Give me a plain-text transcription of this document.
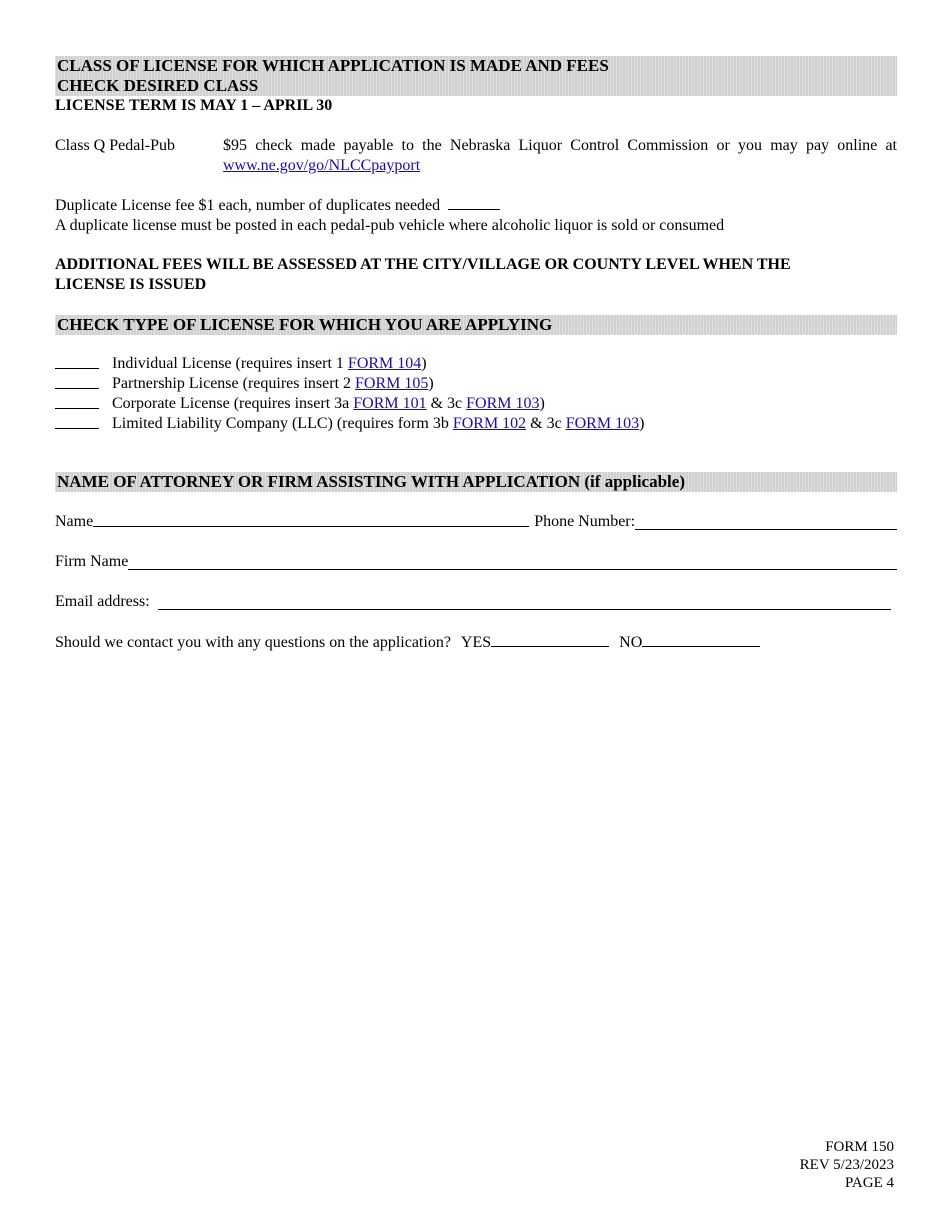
CLASS OF LICENSE FOR WHICH APPLICATION IS MADE AND FEES
CHECK DESIRED CLASS
LICENSE TERM IS MAY 1 – APRIL 30
Class Q Pedal-Pub	$95 check made payable to the Nebraska Liquor Control Commission or you may pay online at
www.ne.gov/go/NLCCpayport
Duplicate License fee $1 each, number of duplicates needed
A duplicate license must be posted in each pedal-pub vehicle where alcoholic liquor is sold or consumed
ADDITIONAL FEES WILL BE ASSESSED AT THE CITY/VILLAGE OR COUNTY LEVEL WHEN THE LICENSE IS ISSUED
CHECK TYPE OF LICENSE FOR WHICH YOU ARE APPLYING
Individual License (requires insert 1 FORM 104)
Partnership License (requires insert 2 FORM 105)
Corporate License (requires insert 3a FORM 101 & 3c FORM 103)
Limited Liability Company (LLC) (requires form 3b FORM 102 & 3c FORM 103)
NAME OF ATTORNEY OR FIRM ASSISTING WITH APPLICATION (if applicable)
Name	Phone Number:
Firm Name
Email address:
Should we contact you with any questions on the application? YES	NO
FORM 150
REV 5/23/2023
PAGE 4
